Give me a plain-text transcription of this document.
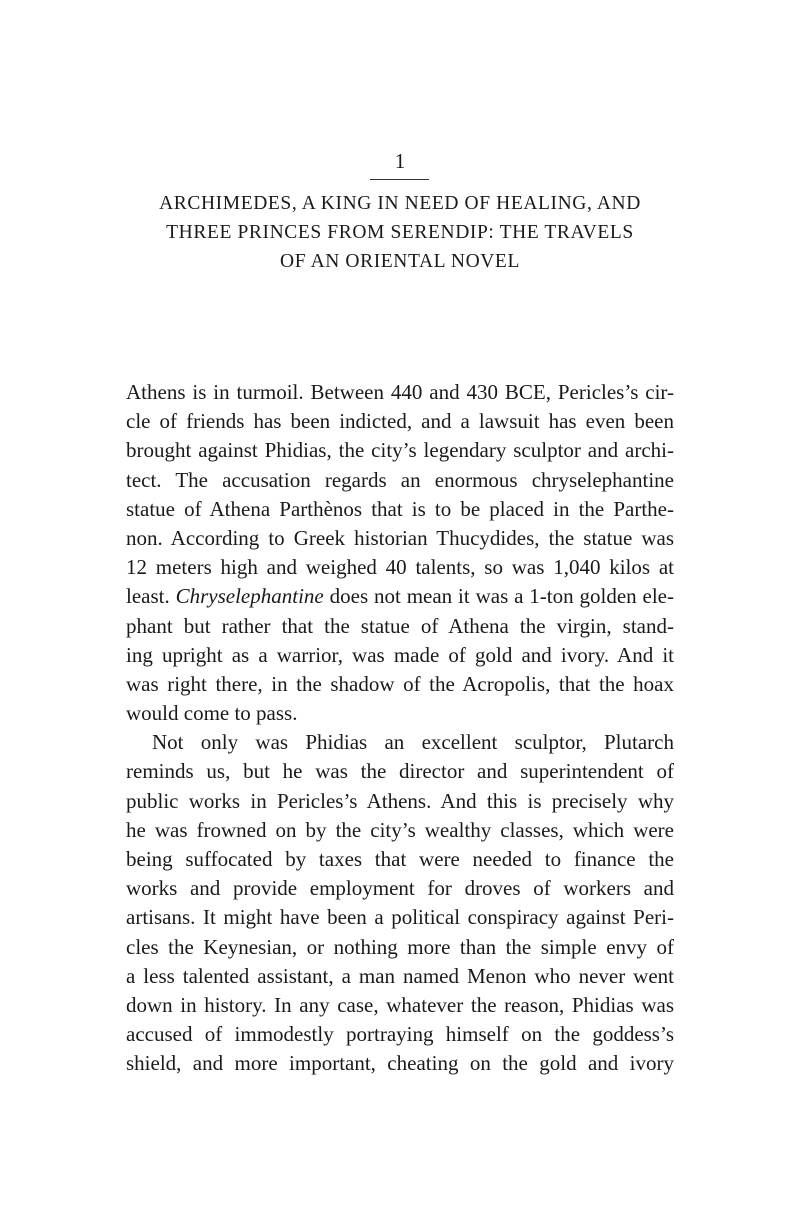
1
ARCHIMEDES, A KING IN NEED OF HEALING, AND
THREE PRINCES FROM SERENDIP: THE TRAVELS
OF AN ORIENTAL NOVEL
Athens is in turmoil. Between 440 and 430 BCE, Pericles’s cir-
cle of friends has been indicted, and a lawsuit has even been
brought against Phidias, the city’s legendary sculptor and archi-
tect. The accusation regards an enormous chryselephantine
statue of Athena Parthènos that is to be placed in the Parthe-
non. According to Greek historian Thucydides, the statue was
12 meters high and weighed 40 talents, so was 1,040 kilos at
least. Chryselephantine does not mean it was a 1-ton golden ele-
phant but rather that the statue of Athena the virgin, stand-
ing upright as a warrior, was made of gold and ivory. And it
was right there, in the shadow of the Acropolis, that the hoax
would come to pass.
Not only was Phidias an excellent sculptor, Plutarch
reminds us, but he was the director and superintendent of
public works in Pericles’s Athens. And this is precisely why
he was frowned on by the city’s wealthy classes, which were
being suffocated by taxes that were needed to finance the
works and provide employment for droves of workers and
artisans. It might have been a political conspiracy against Peri-
cles the Keynesian, or nothing more than the simple envy of
a less talented assistant, a man named Menon who never went
down in history. In any case, whatever the reason, Phidias was
accused of immodestly portraying himself on the goddess’s
shield, and more important, cheating on the gold and ivory
